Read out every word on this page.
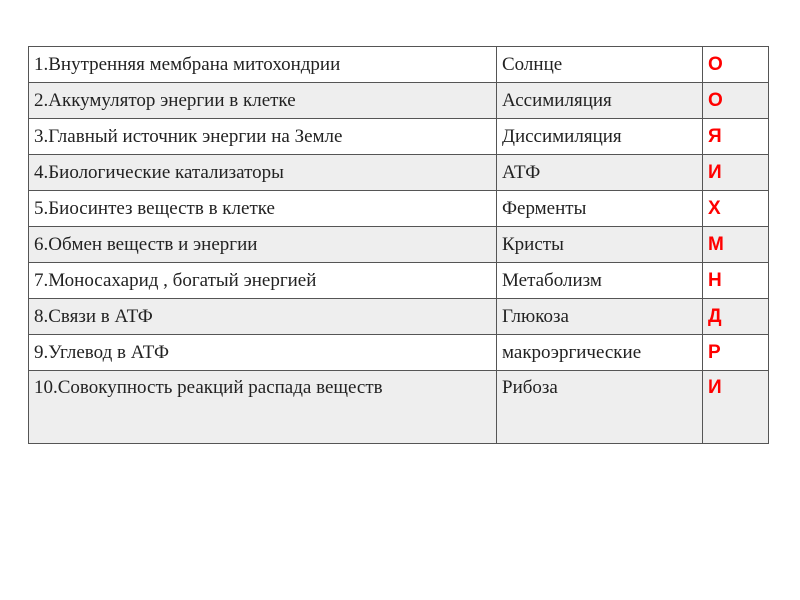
1.Внутренняя мембрана митохондрии	Солнце	О
2.Аккумулятор энергии в клетке	Ассимиляция	О
3.Главный источник энергии на Земле	Диссимиляция	Я
4.Биологические катализаторы	АТФ	И
5.Биосинтез веществ в клетке	Ферменты	Х
6.Обмен веществ и энергии	Кристы	М
7.Моносахарид , богатый энергией	Метаболизм	Н
8.Связи в АТФ	Глюкоза	Д
9.Углевод в АТФ	макроэргические	Р
10.Совокупность реакций распада веществ	Рибоза	И
